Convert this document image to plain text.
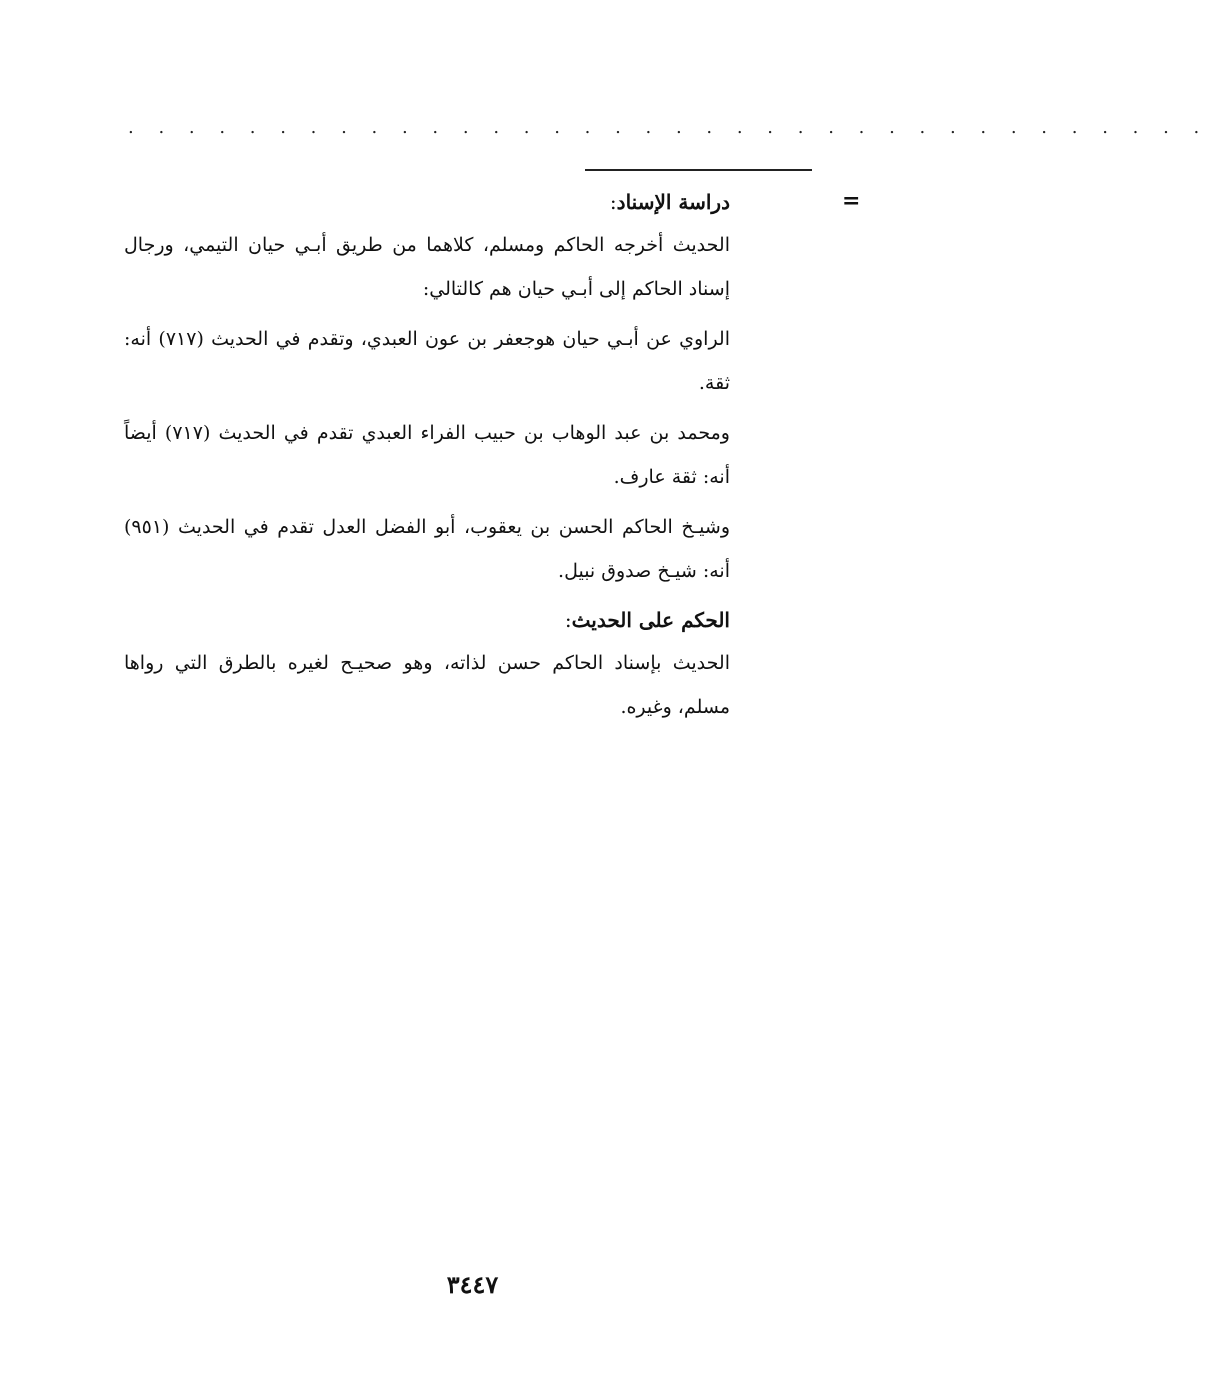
. . . . . . . . . . . . . . . . . . . . . . . . . . . . . . . . . . . .
=
دراسة الإسناد:

الحديث أخرجه الحاكم ومسلم، كلاهما من طريق أبـي حيان التيمي، ورجال إسناد الحاكم إلى أبـي حيان هم كالتالي:

الراوي عن أبـي حيان هوجعفر بن عون العبدي، وتقدم في الحديث (٧١٧) أنه: ثقة.

ومحمد بن عبد الوهاب بن حبيب الفراء العبدي تقدم في الحديث (٧١٧) أيضاً أنه: ثقة عارف.

وشيـخ الحاكم الحسن بن يعقوب، أبو الفضل العدل تقدم في الحديث (٩٥١) أنه: شيـخ صدوق نبيل.

الحكم على الحديث:

الحديث بإسناد الحاكم حسن لذاته، وهو صحيـح لغيره بالطرق التي رواها مسلم، وغيره.

٣٤٤٧
